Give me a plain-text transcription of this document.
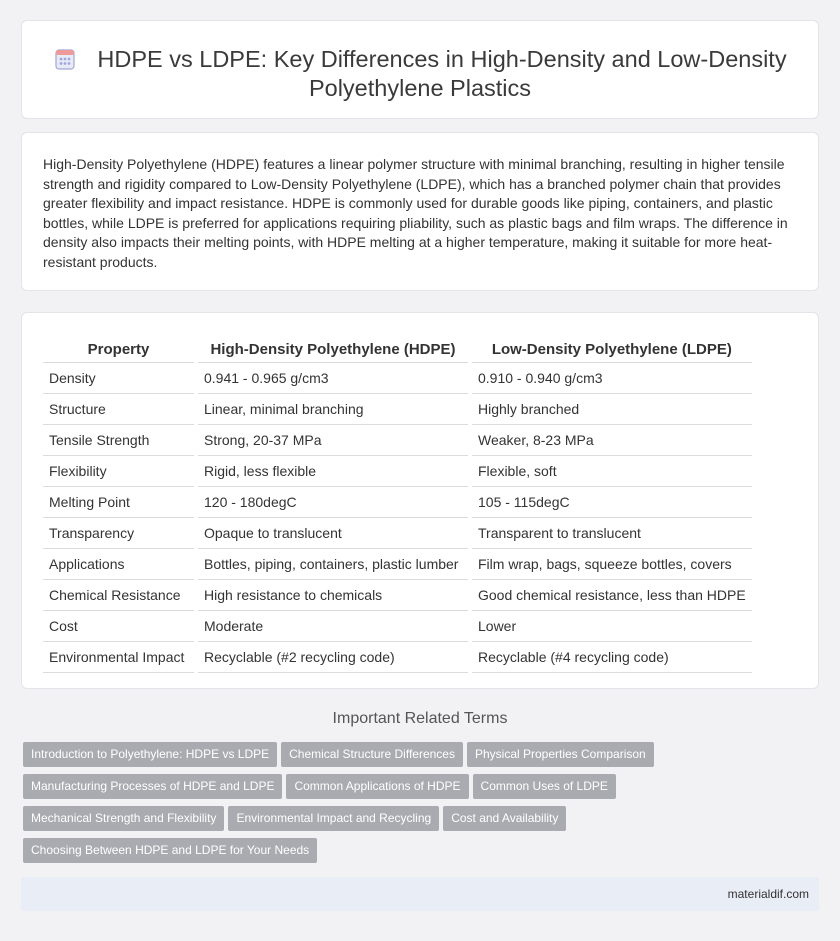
HDPE vs LDPE: Key Differences in High-Density and Low-Density
Polyethylene Plastics

High-Density Polyethylene (HDPE) features a linear polymer structure with minimal branching, resulting in higher tensile strength and rigidity compared to Low-Density Polyethylene (LDPE), which has a branched polymer chain that provides greater flexibility and impact resistance. HDPE is commonly used for durable goods like piping, containers, and plastic bottles, while LDPE is preferred for applications requiring pliability, such as plastic bags and film wraps. The difference in density also impacts their melting points, with HDPE melting at a higher temperature, making it suitable for more heat-resistant products.

Property	High-Density Polyethylene (HDPE)	Low-Density Polyethylene (LDPE)
Density	0.941 - 0.965 g/cm3	0.910 - 0.940 g/cm3
Structure	Linear, minimal branching	Highly branched
Tensile Strength	Strong, 20-37 MPa	Weaker, 8-23 MPa
Flexibility	Rigid, less flexible	Flexible, soft
Melting Point	120 - 180degC	105 - 115degC
Transparency	Opaque to translucent	Transparent to translucent
Applications	Bottles, piping, containers, plastic lumber	Film wrap, bags, squeeze bottles, covers
Chemical Resistance	High resistance to chemicals	Good chemical resistance, less than HDPE
Cost	Moderate	Lower
Environmental Impact	Recyclable (#2 recycling code)	Recyclable (#4 recycling code)
Important Related Terms
Introduction to Polyethylene: HDPE vs LDPE Chemical Structure Differences Physical Properties Comparison
Manufacturing Processes of HDPE and LDPE Common Applications of HDPE Common Uses of LDPE
Mechanical Strength and Flexibility Environmental Impact and Recycling Cost and Availability
Choosing Between HDPE and LDPE for Your Needs
materialdif.com
